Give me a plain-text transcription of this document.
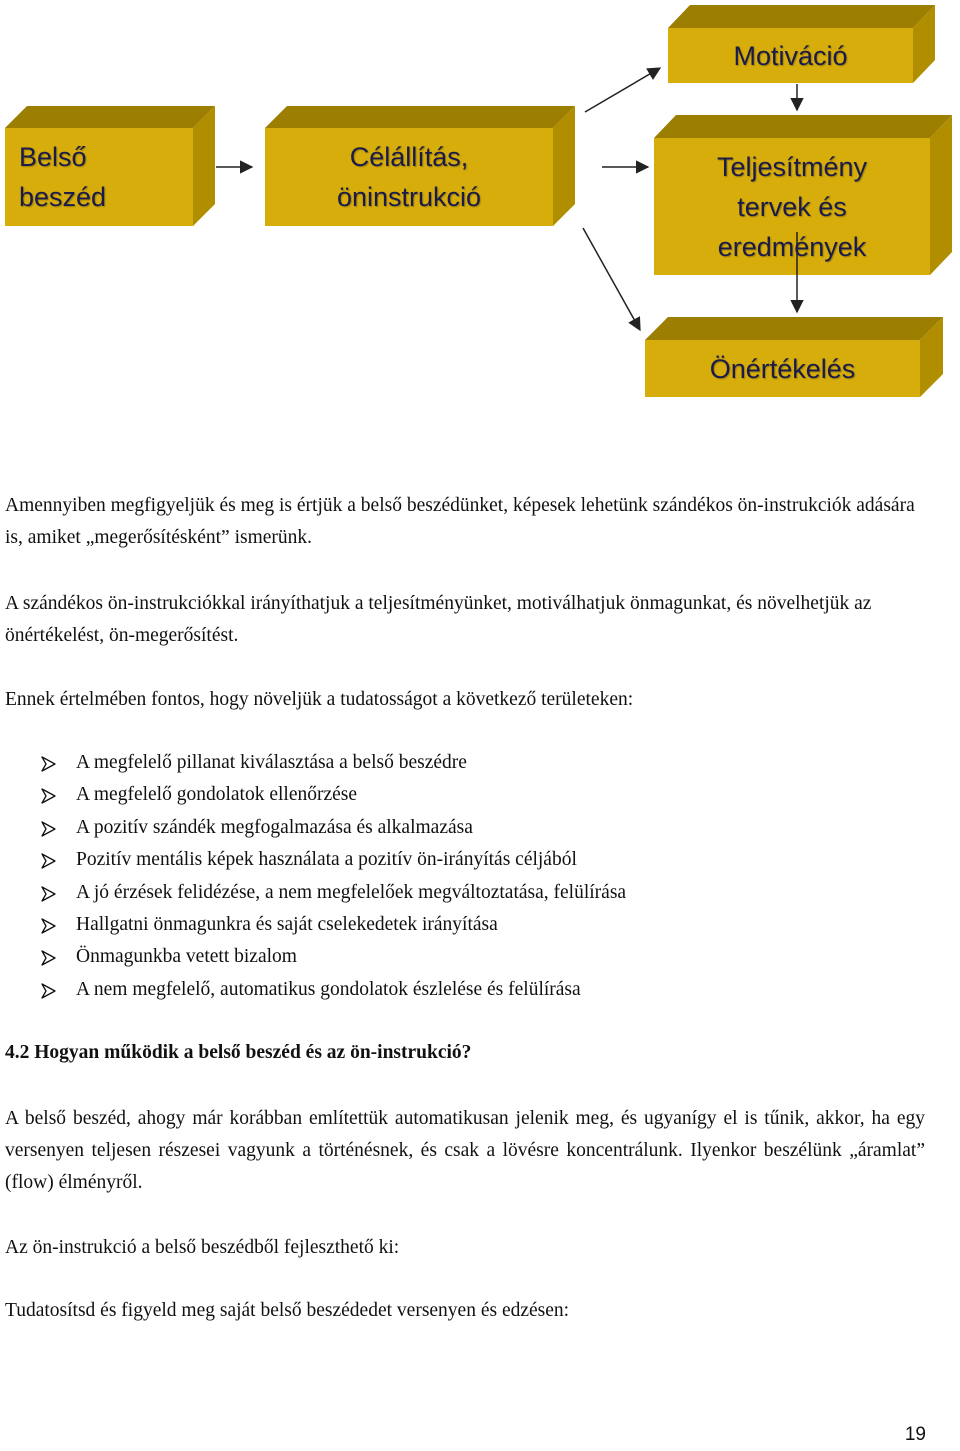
Belső
beszéd
Célállítás,
öninstrukció
Motiváció
Teljesítmény
tervek és
eredmények
Önértékelés

Amennyiben megfigyeljük és meg is értjük a belső beszédünket, képesek lehetünk szándékos ön-instrukciók adására is, amiket „megerősítésként” ismerünk.

A szándékos ön-instrukciókkal irányíthatjuk a teljesítményünket, motiválhatjuk önmagunkat, és növelhetjük az önértékelést, ön-megerősítést.

Ennek értelmében fontos, hogy növeljük a tudatosságot a következő területeken:

A megfelelő pillanat kiválasztása a belső beszédre
A megfelelő gondolatok ellenőrzése
A pozitív szándék megfogalmazása és alkalmazása
Pozitív mentális képek használata a pozitív ön-irányítás céljából
A jó érzések felidézése, a nem megfelelőek megváltoztatása, felülírása
Hallgatni önmagunkra és saját cselekedetek irányítása
Önmagunkba vetett bizalom
A nem megfelelő, automatikus gondolatok észlelése és felülírása
4.2 Hogyan működik a belső beszéd és az ön-instrukció?

A belső beszéd, ahogy már korábban említettük automatikusan jelenik meg, és ugyanígy el is tűnik, akkor, ha egy versenyen teljesen részesei vagyunk a történésnek, és csak a lövésre koncentrálunk. Ilyenkor beszélünk „áramlat” (flow) élményről.

Az ön-instrukció a belső beszédből fejleszthető ki:

Tudatosítsd és figyeld meg saját belső beszédedet versenyen és edzésen:

19
